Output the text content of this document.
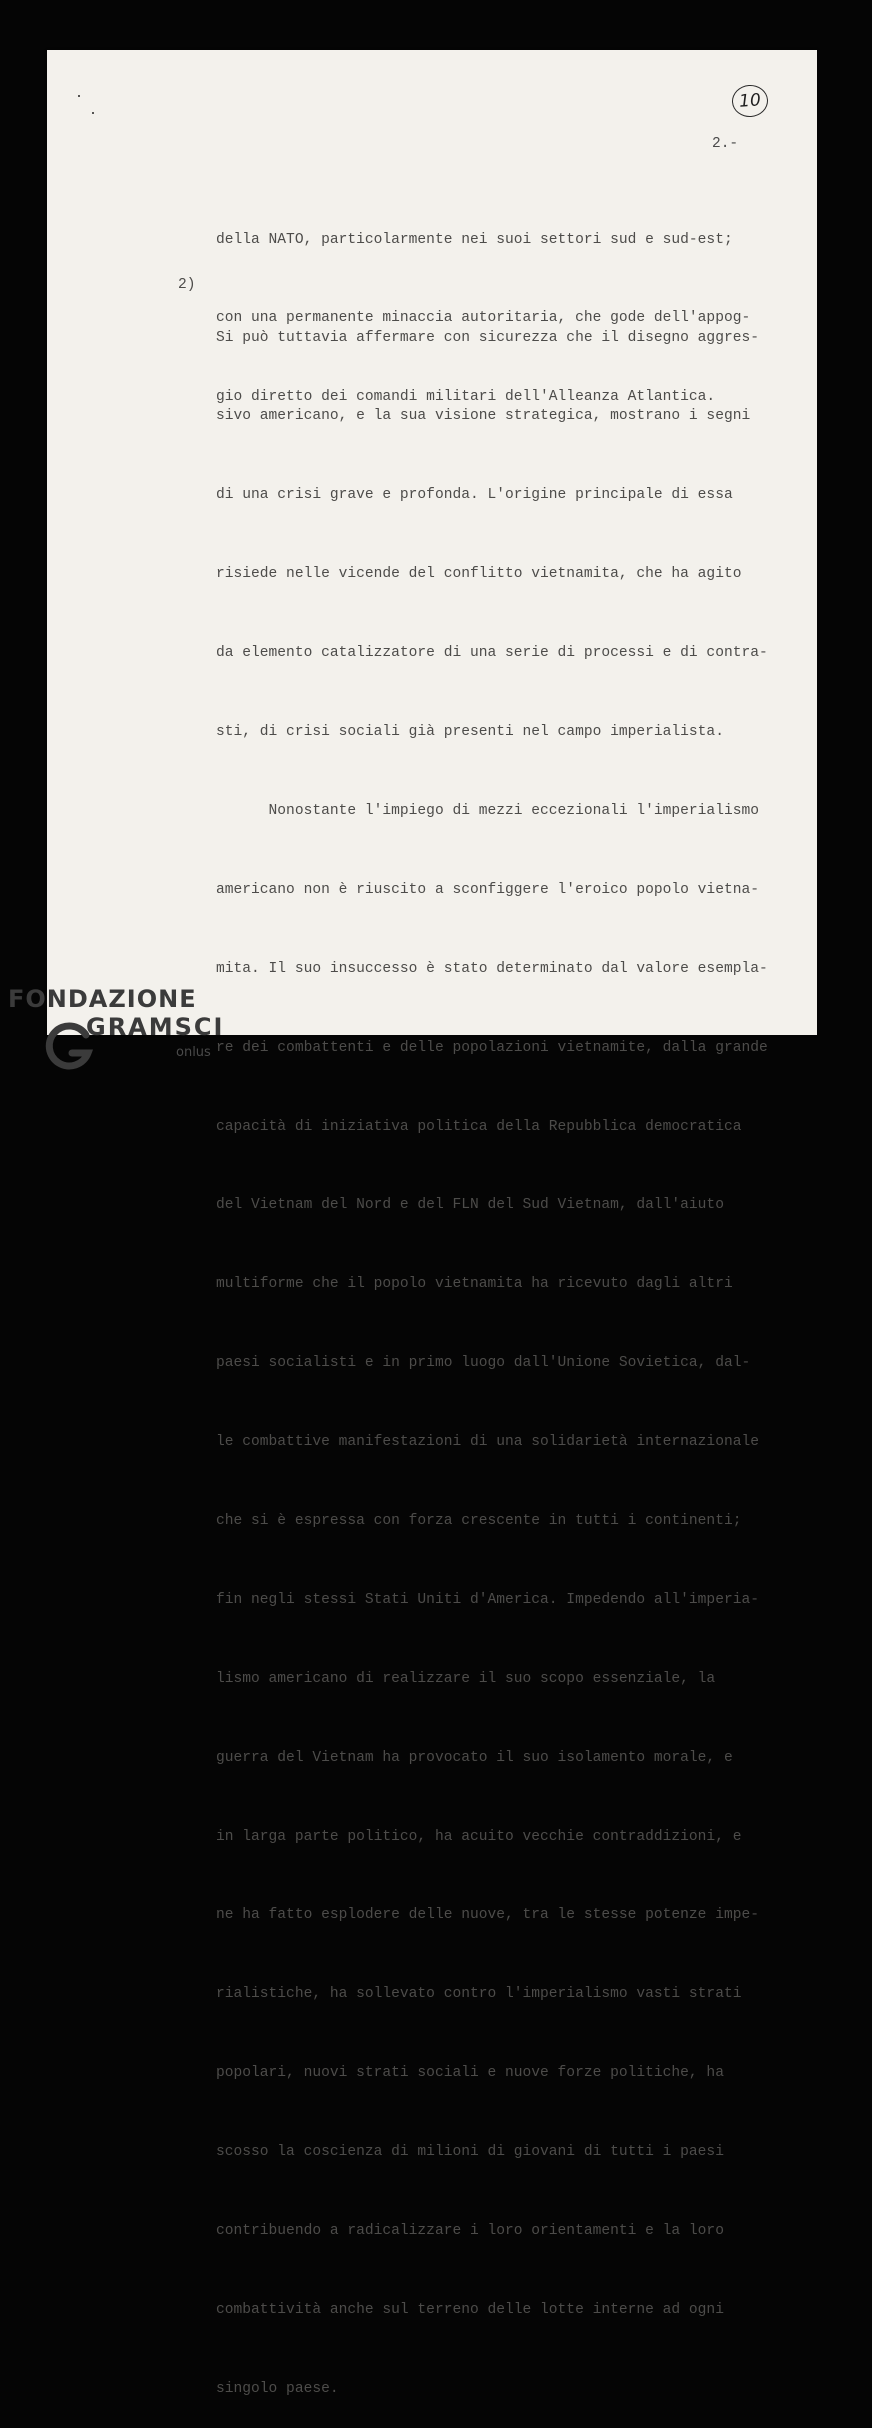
10
2.-

della NATO, particolarmente nei suoi settori sud e sud-est;

con una permanente minaccia autoritaria, che gode dell'appog-

gio diretto dei comandi militari dell'Alleanza Atlantica.

2)

Si può tuttavia affermare con sicurezza che il disegno aggres-

sivo americano, e la sua visione strategica, mostrano i segni

di una crisi grave e profonda. L'origine principale di essa

risiede nelle vicende del conflitto vietnamita, che ha agito

da elemento catalizzatore di una serie di processi e di contra-

sti, di crisi sociali già presenti nel campo imperialista.

Nonostante l'impiego di mezzi eccezionali l'imperialismo

americano non è riuscito a sconfiggere l'eroico popolo vietna-

mita. Il suo insuccesso è stato determinato dal valore esempla-

re dei combattenti e delle popolazioni vietnamite, dalla grande

capacità di iniziativa politica della Repubblica democratica

del Vietnam del Nord e del FLN del Sud Vietnam, dall'aiuto

multiforme che il popolo vietnamita ha ricevuto dagli altri

paesi socialisti e in primo luogo dall'Unione Sovietica, dal-

le combattive manifestazioni di una solidarietà internazionale

che si è espressa con forza crescente in tutti i continenti;

fin negli stessi Stati Uniti d'America. Impedendo all'imperia-

lismo americano di realizzare il suo scopo essenziale, la

guerra del Vietnam ha provocato il suo isolamento morale, e

in larga parte politico, ha acuito vecchie contraddizioni, e

ne ha fatto esplodere delle nuove, tra le stesse potenze impe-

rialistiche, ha sollevato contro l'imperialismo vasti strati

popolari, nuovi strati sociali e nuove forze politiche, ha

scosso la coscienza di milioni di giovani di tutti i paesi

contribuendo a radicalizzare i loro orientamenti e la loro

combattività anche sul terreno delle lotte interne ad ogni

singolo paese.

FONDAZIONE
GRAMSCI
onlus
